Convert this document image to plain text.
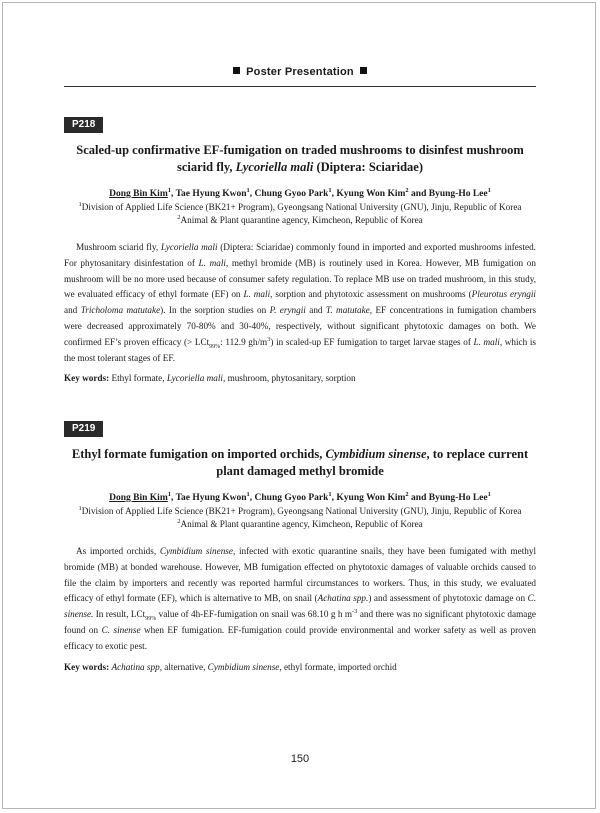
Poster Presentation
P218
Scaled-up confirmative EF-fumigation on traded mushrooms to disinfest mushroom sciarid fly, Lycoriella mali (Diptera: Sciaridae)
Dong Bin Kim$^1$, Tae Hyung Kwon$^1$, Chung Gyoo Park$^1$, Kyung Won Kim$^2$ and Byung-Ho Lee$^1$
$^1$Division of Applied Life Science (BK21+ Program), Gyeongsang National University (GNU), Jinju, Republic of Korea
$^2$Animal & Plant quarantine agency, Kimcheon, Republic of Korea
Mushroom sciarid fly, Lycoriella mali (Diptera: Sciaridae) commonly found in imported and exported mushrooms infested. For phytosanitary disinfestation of L. mali, methyl bromide (MB) is routinely used in Korea. However, MB fumigation on mushroom will be no more used because of consumer safety regulation. To replace MB use on traded mushroom, in this study, we evaluated efficacy of ethyl formate (EF) on L. mali, sorption and phytotoxic assessment on mushrooms (Pleurotus eryngii and Tricholoma matutake). In the sorption studies on P. eryngii and T. matutake, EF concentrations in fumigation chambers were decreased approximately 70-80% and 30-40%, respectively, without significant phytotoxic damages on both. We confirmed EF’s proven efficacy (> LCt$_{99\%}$: 112.9 $gh/m^3$) in scaled-up EF fumigation to target larvae stages of L. mali, which is the most tolerant stages of EF.
Key words: Ethyl formate, Lycoriella mali, mushroom, phytosanitary, sorption
P219
Ethyl formate fumigation on imported orchids, Cymbidium sinense, to replace current plant damaged methyl bromide
Dong Bin Kim$^1$, Tae Hyung Kwon$^1$, Chung Gyoo Park$^1$, Kyung Won Kim$^2$ and Byung-Ho Lee$^1$
$^1$Division of Applied Life Science (BK21+ Program), Gyeongsang National University (GNU), Jinju, Republic of Korea
$^2$Animal & Plant quarantine agency, Kimcheon, Republic of Korea
As imported orchids, Cymbidium sinense, infected with exotic quarantine snails, they have been fumigated with methyl bromide (MB) at bonded warehouse. However, MB fumigation effected on phytotoxic damages of valuable orchids caused to file the claim by importers and recently was reported harmful circumstances to workers. Thus, in this study, we evaluated efficacy of ethyl formate (EF), which is alternative to MB, on snail (Achatina spp.) and assessment of phytotoxic damage on C. sinense. In result, LCt$_{99\%}$ value of 4h-EF-fumigation on snail was 68.10 g h $m^{-3}$ and there was no significant phytotoxic damage found on C. sinense when EF fumigation. EF-fumigation could provide environmental and worker safety as well as proven efficacy to exotic pest.
Key words: Achatina spp, alternative, Cymbidium sinense, ethyl formate, imported orchid
150
